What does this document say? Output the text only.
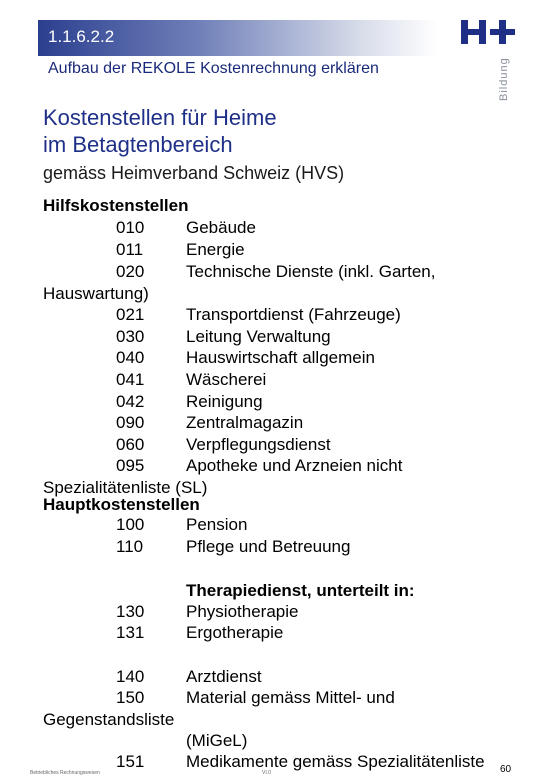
1.1.6.2.2
Aufbau der REKOLE Kostenrechnung erklären	Bildung
Kostenstellen für Heime
im Betagtenbereich
gemäss Heimverband Schweiz (HVS)
Hilfskostenstellen
010	Gebäude
011	Energie
020	Technische Dienste (inkl. Garten,
Hauswartung)
021	Transportdienst (Fahrzeuge)
030	Leitung Verwaltung
040	Hauswirtschaft allgemein
041	Wäscherei
042	Reinigung
090	Zentralmagazin
060	Verpflegungsdienst
095	Apotheke und Arzneien nicht
Spezialitätenliste (SL)
Hauptkostenstellen
100	Pension
110	Pflege und Betreuung
Therapiedienst, unterteilt in:
130	Physiotherapie
131	Ergotherapie
140	Arztdienst
150	Material gemäss Mittel- und
Gegenstandsliste
(MiGeL)
151	Medikamente gemäss Spezialitätenliste
Betriebliches Rechnungswesen	VI.0	60
